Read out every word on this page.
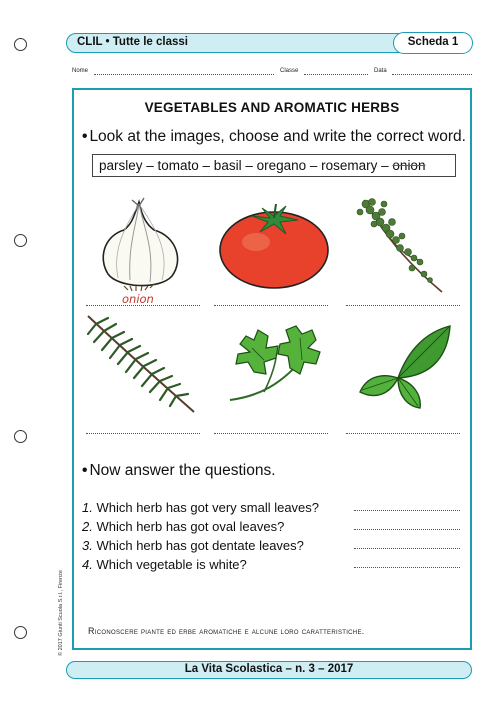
CLIL • Tutte le classi	Scheda 1
Nome	Classe	Data
VEGETABLES AND AROMATIC HERBS
• Look at the images, choose and write the correct word.
parsley – tomato – basil – oregano – rosemary – onion
onion
• Now answer the questions.
1. Which herb has got very small leaves?
2. Which herb has got oval leaves?
3. Which herb has got dentate leaves?
4. Which vegetable is white?
Riconoscere piante ed erbe aromatiche e alcune loro caratteristiche.
© 2017 Giunti Scuola S.r.l., Firenze
La Vita Scolastica – n. 3 – 2017
